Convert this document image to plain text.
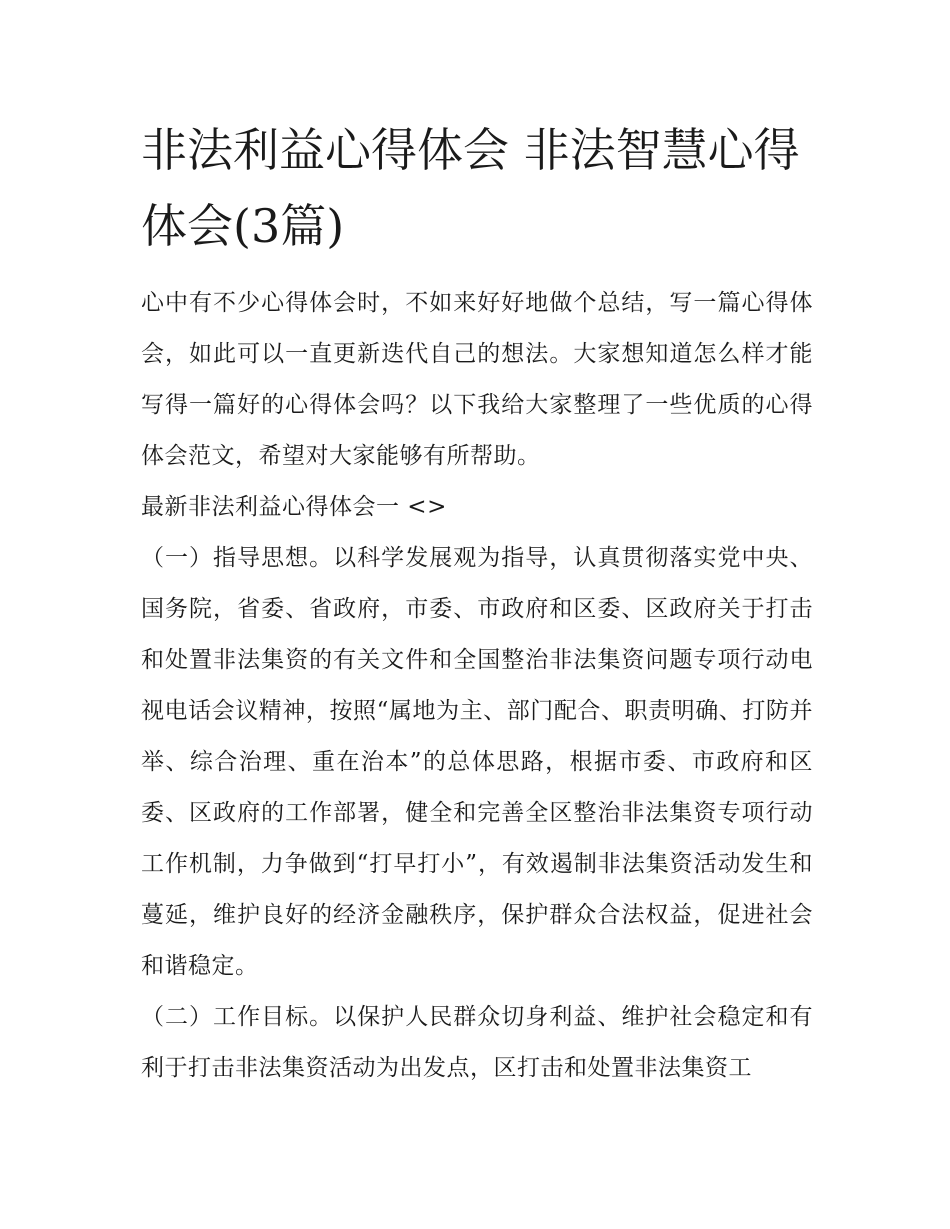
非法利益心得体会 非法智慧心得体会(3篇)

心中有不少心得体会时，不如来好好地做个总结，写一篇心得体会，如此可以一直更新迭代自己的想法。大家想知道怎么样才能写得一篇好的心得体会吗？以下我给大家整理了一些优质的心得体会范文，希望对大家能够有所帮助。

最新非法利益心得体会一 <>

（一）指导思想。以科学发展观为指导，认真贯彻落实党中央、国务院，省委、省政府，市委、市政府和区委、区政府关于打击和处置非法集资的有关文件和全国整治非法集资问题专项行动电视电话会议精神，按照“属地为主、部门配合、职责明确、打防并举、综合治理、重在治本”的总体思路，根据市委、市政府和区委、区政府的工作部署，健全和完善全区整治非法集资专项行动工作机制，力争做到“打早打小”，有效遏制非法集资活动发生和蔓延，维护良好的经济金融秩序，保护群众合法权益，促进社会和谐稳定。

（二）工作目标。以保护人民群众切身利益、维护社会稳定和有利于打击非法集资活动为出发点，区打击和处置非法集资工
